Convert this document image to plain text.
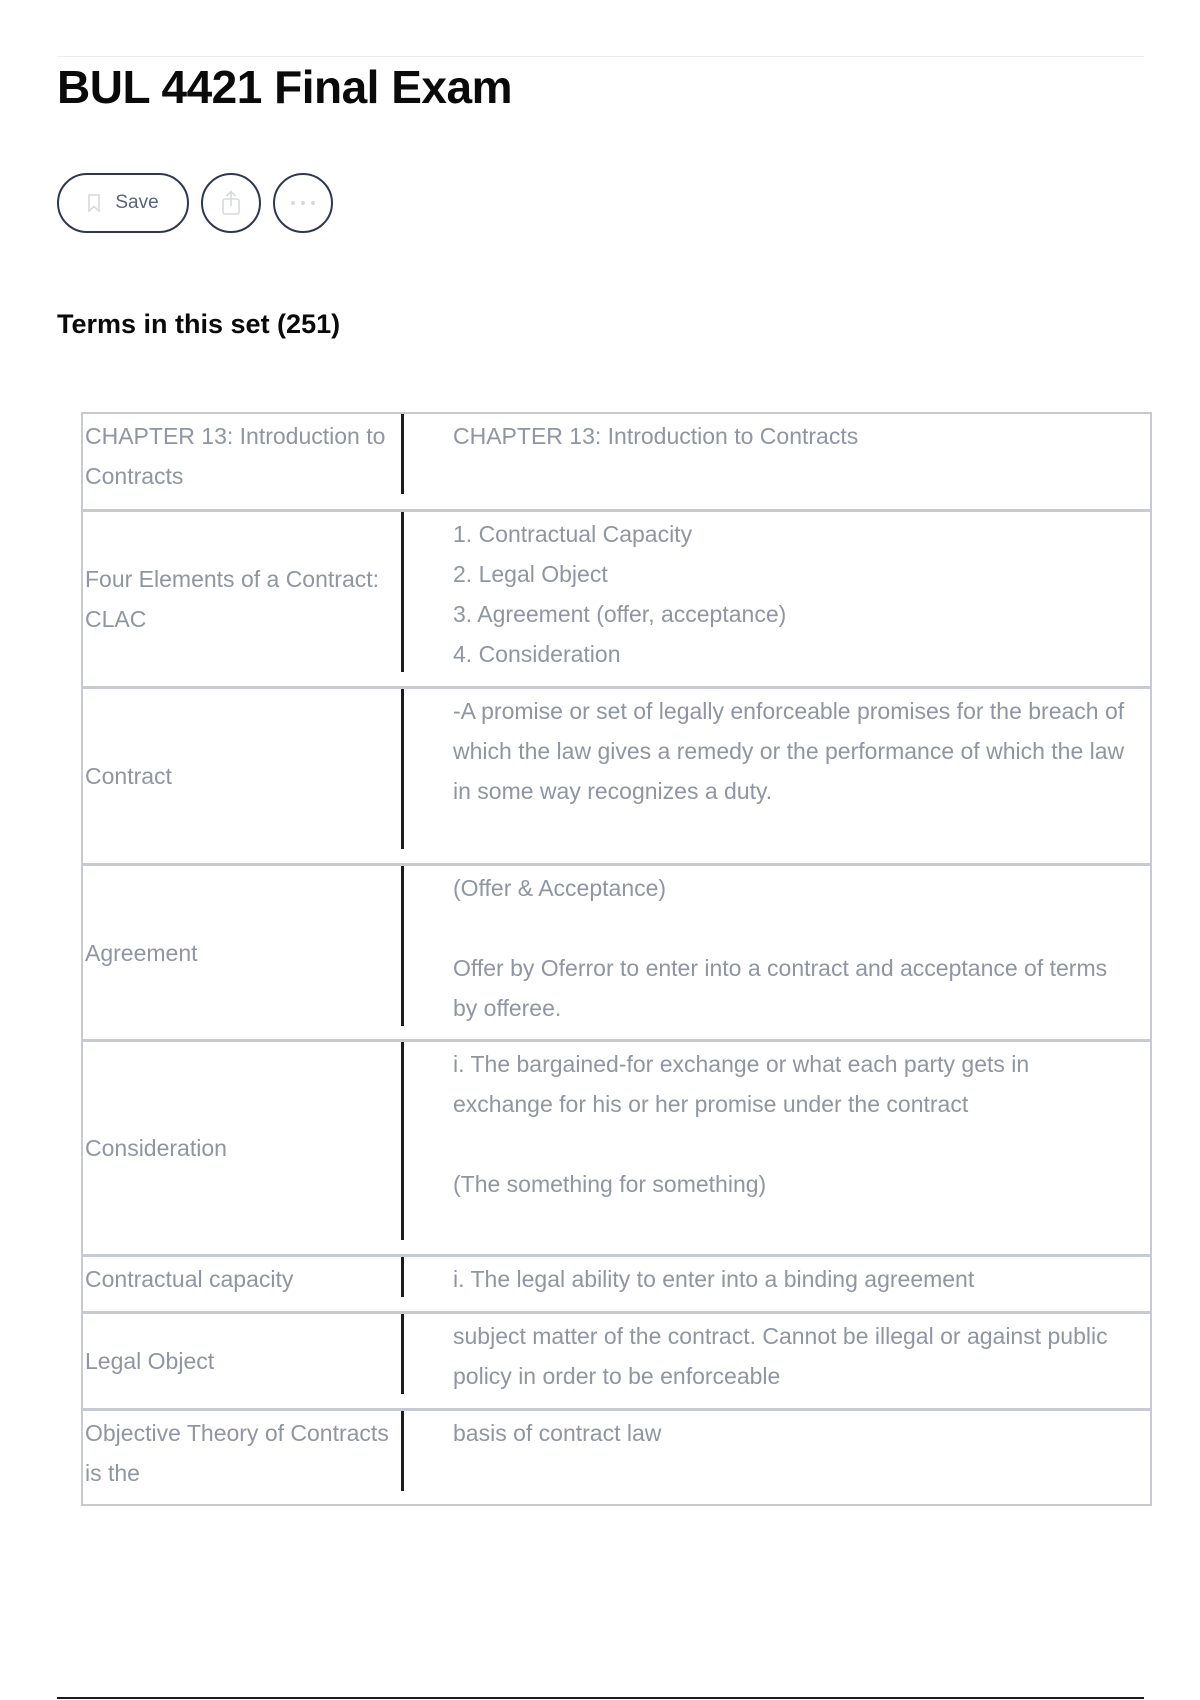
BUL 4421 Final Exam
Save
Terms in this set (251)
CHAPTER 13: Introduction to Contracts
CHAPTER 13: Introduction to Contracts
Four Elements of a Contract: CLAC
1. Contractual Capacity
2. Legal Object
3. Agreement (offer, acceptance)
4. Consideration
Contract
-A promise or set of legally enforceable promises for the breach of which the law gives a remedy or the performance of which the law in some way recognizes a duty.
Agreement
(Offer & Acceptance)

Offer by Oferror to enter into a contract and acceptance of terms by offeree.
Consideration
i. The bargained-for exchange or what each party gets in exchange for his or her promise under the contract

(The something for something)
Contractual capacity	i. The legal ability to enter into a binding agreement
Legal Object
subject matter of the contract. Cannot be illegal or against public policy in order to be enforceable
Objective Theory of Contracts is the
basis of contract law
